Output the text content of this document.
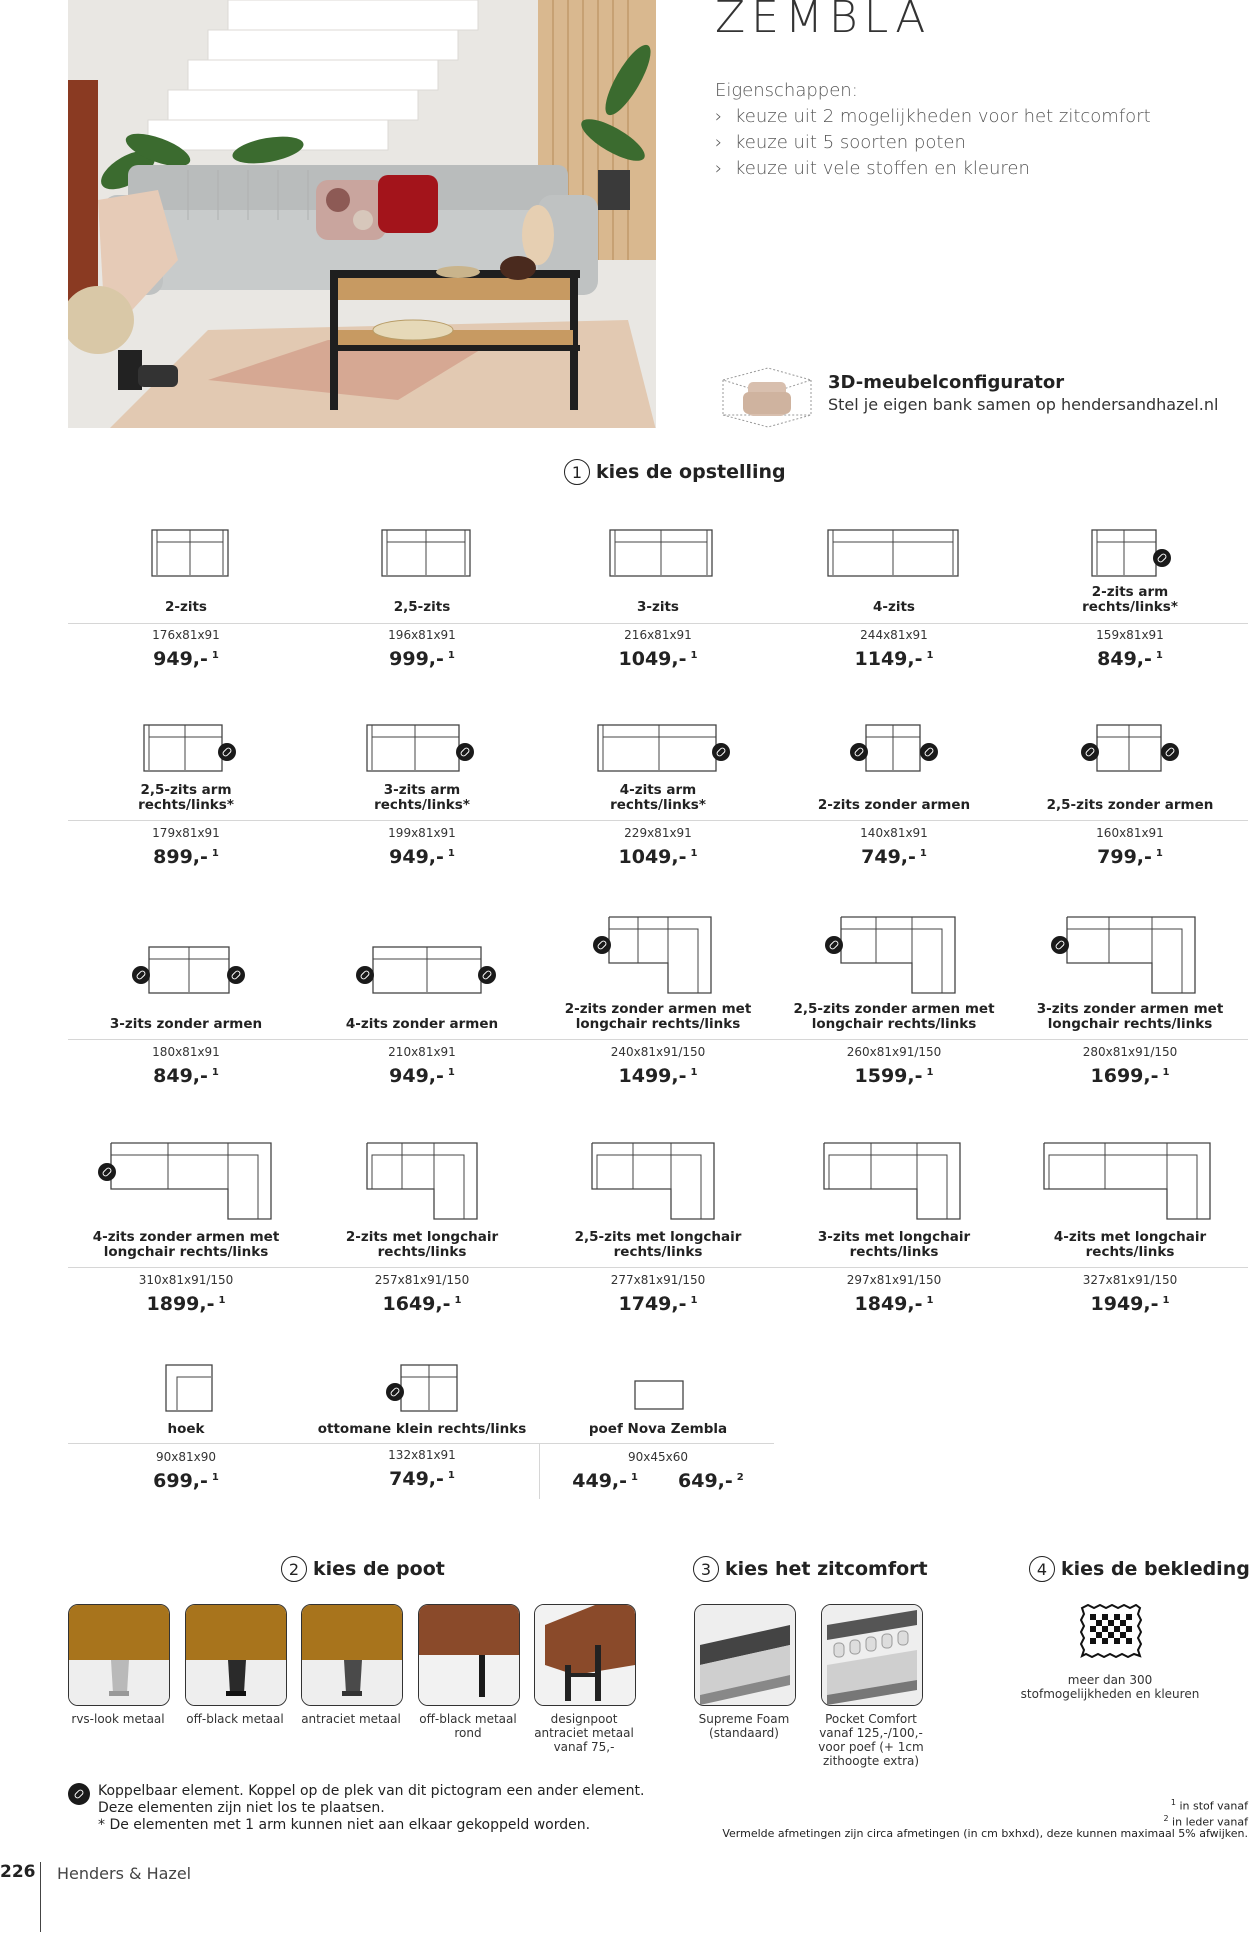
ZEMBLA
Eigenschappen:
› keuze uit 2 mogelijkheden voor het zitcomfort
› keuze uit 5 soorten poten
› keuze uit vele stoffen en kleuren
3D-meubelconfigurator
Stel je eigen bank samen op hendersandhazel.nl
1 kies de opstelling
2-zits
176x81x91
949,- $^1$
2,5-zits
196x81x91
999,- $^1$
3-zits
216x81x91
1049,- $^1$
4-zits
244x81x91
1149,- $^1$
2-zits arm rechts/links*
159x81x91
849,- $^1$
2,5-zits arm rechts/links*
179x81x91
899,- $^1$
3-zits arm rechts/links*
199x81x91
949,- $^1$
4-zits arm rechts/links*
229x81x91
1049,- $^1$
2-zits zonder armen
140x81x91
749,- $^1$
2,5-zits zonder armen
160x81x91
799,- $^1$
3-zits zonder armen
180x81x91
849,- $^1$
4-zits zonder armen
210x81x91
949,- $^1$
2-zits zonder armen met longchair rechts/links
240x81x91/150
1499,- $^1$
2,5-zits zonder armen met longchair rechts/links
260x81x91/150
1599,- $^1$
3-zits zonder armen met longchair rechts/links
280x81x91/150
1699,- $^1$
4-zits zonder armen met longchair rechts/links
310x81x91/150
1899,- $^1$
2-zits met longchair rechts/links
257x81x91/150
1649,- $^1$
2,5-zits met longchair rechts/links
277x81x91/150
1749,- $^1$
3-zits met longchair rechts/links
297x81x91/150
1849,- $^1$
4-zits met longchair rechts/links
327x81x91/150
1949,- $^1$
hoek
90x81x90
699,- $^1$
ottomane klein rechts/links
132x81x91
749,- $^1$
poef Nova Zembla
90x45x60
449,- $^1$ 649,- $^2$
2 kies de poot	3 kies het zitcomfort	4 kies de bekleding
rvs-look metaal	off-black metaal	antraciet metaal	off-black metaal rond
designpoot antraciet metaal vanaf 75,-
Supreme Foam (standaard)
Pocket Comfort vanaf 125,-/100,- voor poef (+ 1cm zithoogte extra)
meer dan 300 stofmogelijkheden en kleuren
Koppelbaar element. Koppel op de plek van dit pictogram een ander element.
Deze elementen zijn niet los te plaatsen.
* De elementen met 1 arm kunnen niet aan elkaar gekoppeld worden.
$^1$ in stof vanaf
$^2$ in leder vanaf
Vermelde afmetingen zijn circa afmetingen (in cm bxhxd), deze kunnen maximaal 5% afwijken.
226 Henders & Hazel
